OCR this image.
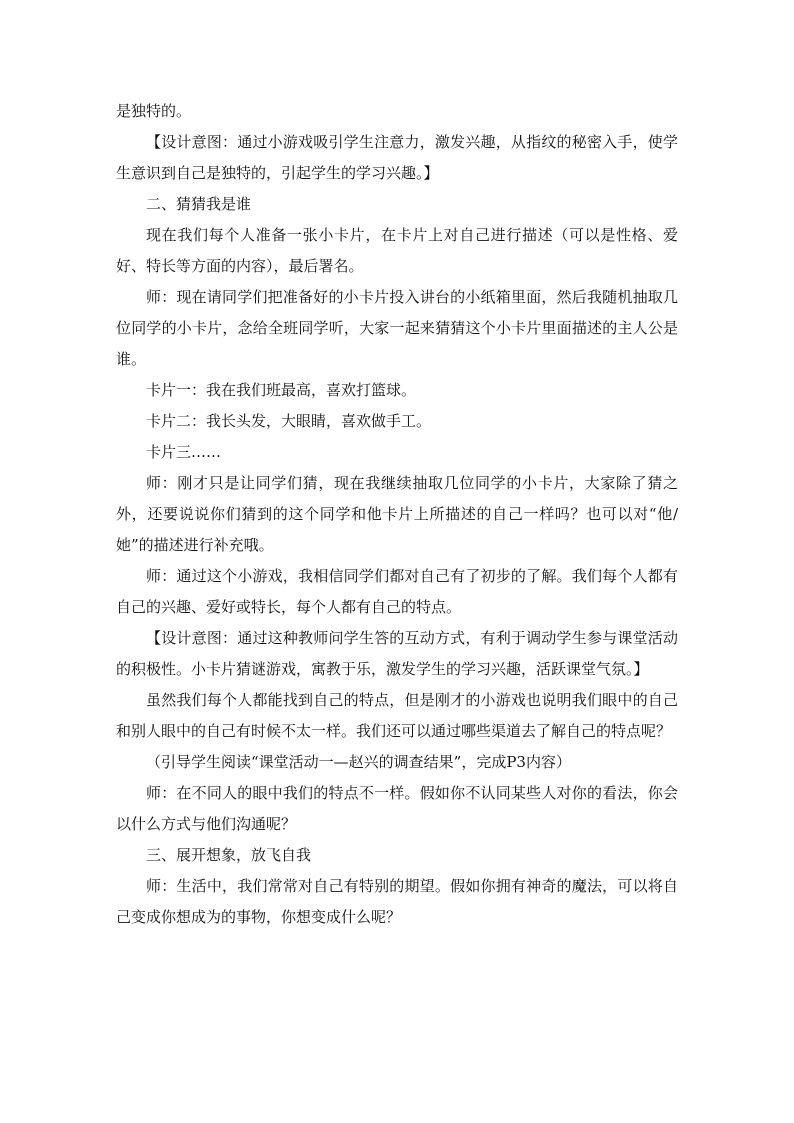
是独特的。

【设计意图：通过小游戏吸引学生注意力，激发兴趣，从指纹的秘密入手，使学生意识到自己是独特的，引起学生的学习兴趣。】

二、猜猜我是谁

现在我们每个人准备一张小卡片，在卡片上对自己进行描述（可以是性格、爱好、特长等方面的内容），最后署名。

师：现在请同学们把准备好的小卡片投入讲台的小纸箱里面，然后我随机抽取几位同学的小卡片，念给全班同学听，大家一起来猜猜这个小卡片里面描述的主人公是谁。

卡片一：我在我们班最高，喜欢打篮球。

卡片二：我长头发，大眼睛，喜欢做手工。

卡片三……

师：刚才只是让同学们猜，现在我继续抽取几位同学的小卡片，大家除了猜之外，还要说说你们猜到的这个同学和他卡片上所描述的自己一样吗？也可以对“他/她”的描述进行补充哦。

师：通过这个小游戏，我相信同学们都对自己有了初步的了解。我们每个人都有自己的兴趣、爱好或特长，每个人都有自己的特点。

【设计意图：通过这种教师问学生答的互动方式，有利于调动学生参与课堂活动的积极性。小卡片猜谜游戏，寓教于乐，激发学生的学习兴趣，活跃课堂气氛。】

虽然我们每个人都能找到自己的特点，但是刚才的小游戏也说明我们眼中的自己和别人眼中的自己有时候不太一样。我们还可以通过哪些渠道去了解自己的特点呢？

（引导学生阅读“课堂活动一—赵兴的调查结果”，完成P3内容）

师：在不同人的眼中我们的特点不一样。假如你不认同某些人对你的看法，你会以什么方式与他们沟通呢？

三、展开想象，放飞自我

师：生活中，我们常常对自己有特别的期望。假如你拥有神奇的魔法，可以将自己变成你想成为的事物，你想变成什么呢？
